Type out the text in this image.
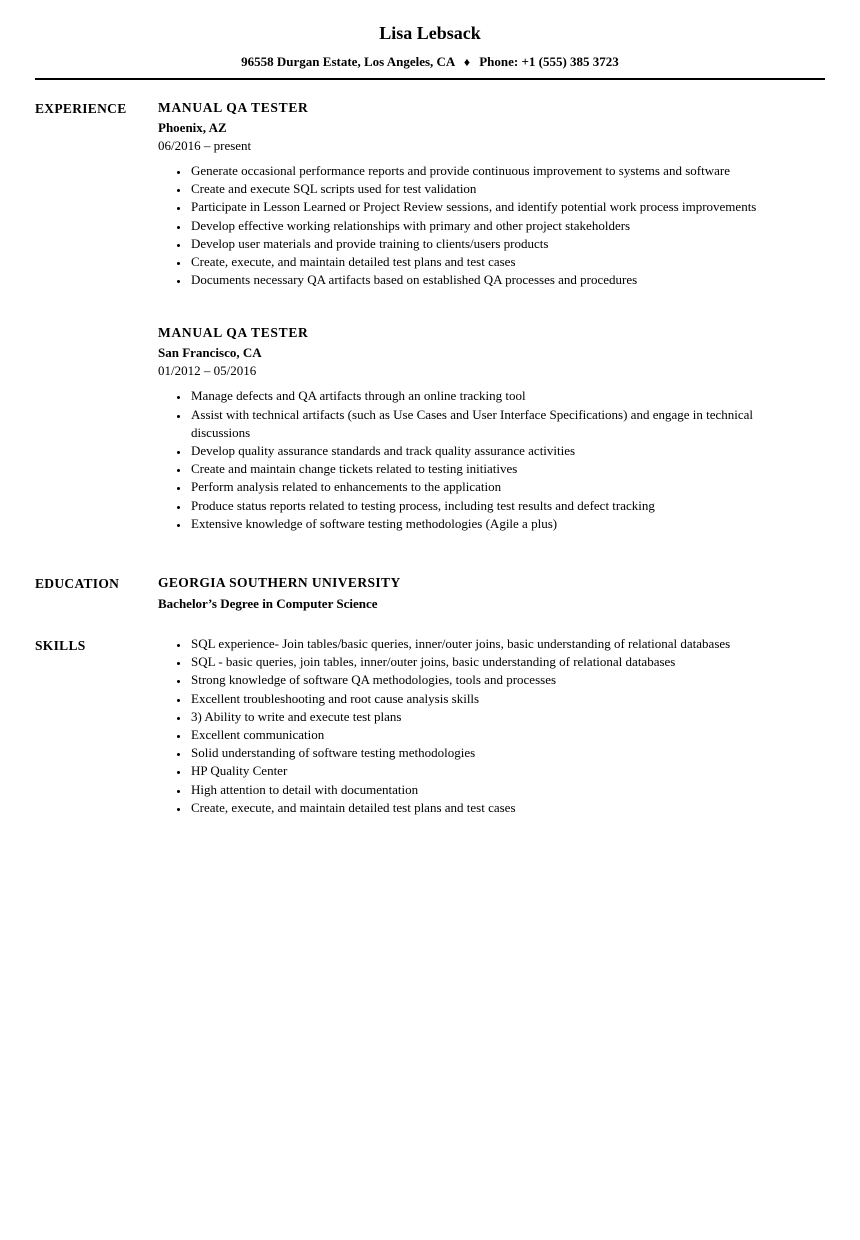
Lisa Lebsack
96558 Durgan Estate, Los Angeles, CA ♦ Phone: +1 (555) 385 3723
EXPERIENCE	MANUAL QA TESTER
Phoenix, AZ
06/2016 – present
• Generate occasional performance reports and provide continuous improvement to systems and software
• Create and execute SQL scripts used for test validation
• Participate in Lesson Learned or Project Review sessions, and identify potential work process improvements
• Develop effective working relationships with primary and other project stakeholders
• Develop user materials and provide training to clients/users products
• Create, execute, and maintain detailed test plans and test cases
• Documents necessary QA artifacts based on established QA processes and procedures
MANUAL QA TESTER
San Francisco, CA
01/2012 – 05/2016
• Manage defects and QA artifacts through an online tracking tool
• Assist with technical artifacts (such as Use Cases and User Interface Specifications) and engage in technical discussions
• Develop quality assurance standards and track quality assurance activities
• Create and maintain change tickets related to testing initiatives
• Perform analysis related to enhancements to the application
• Produce status reports related to testing process, including test results and defect tracking
• Extensive knowledge of software testing methodologies (Agile a plus)
EDUCATION	GEORGIA SOUTHERN UNIVERSITY
Bachelor’s Degree in Computer Science
SKILLS	• SQL experience- Join tables/basic queries, inner/outer joins, basic understanding of relational databases
• SQL - basic queries, join tables, inner/outer joins, basic understanding of relational databases
• Strong knowledge of software QA methodologies, tools and processes
• Excellent troubleshooting and root cause analysis skills
• 3) Ability to write and execute test plans
• Excellent communication
• Solid understanding of software testing methodologies
• HP Quality Center
• High attention to detail with documentation
• Create, execute, and maintain detailed test plans and test cases
